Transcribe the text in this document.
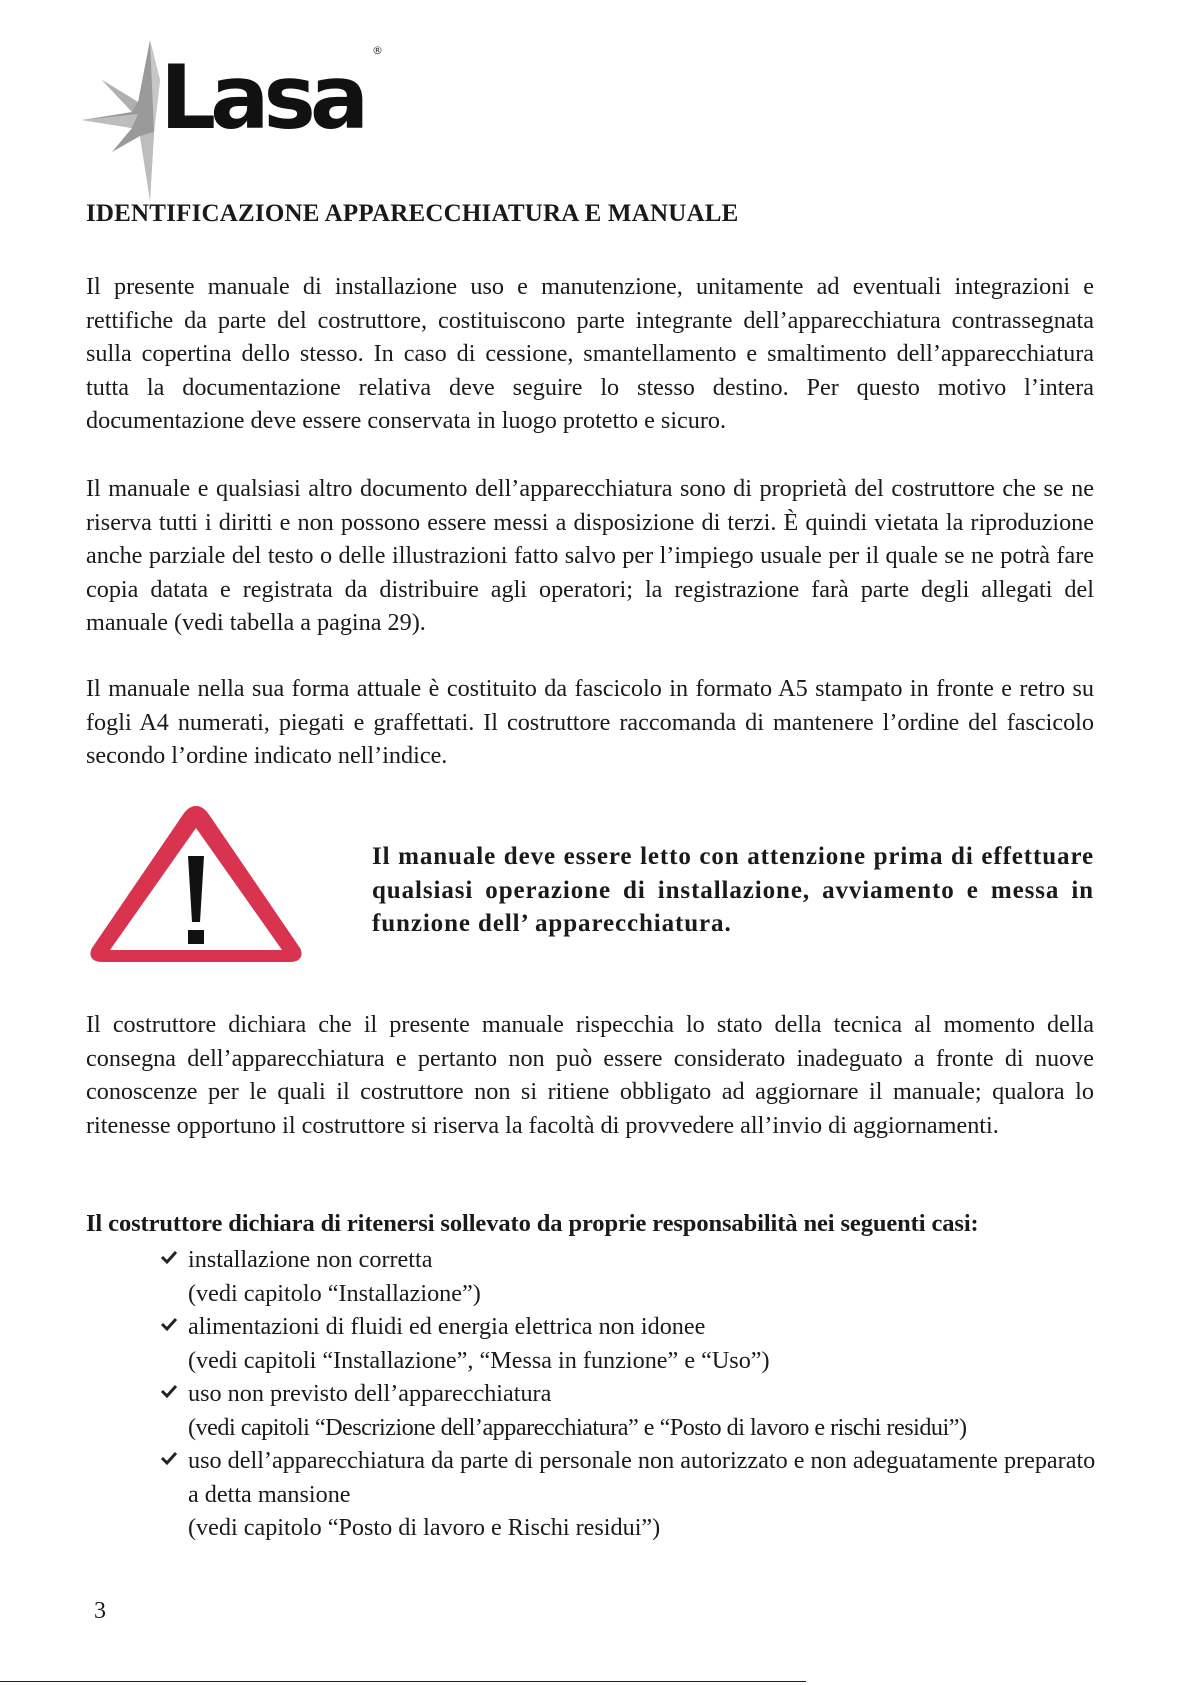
Lasa ®
IDENTIFICAZIONE APPARECCHIATURA E MANUALE
Il presente manuale di installazione uso e manutenzione, unitamente ad eventuali integrazioni e rettifiche da parte del costruttore, costituiscono parte integrante dell’apparecchiatura contrassegnata sulla copertina dello stesso. In caso di cessione, smantellamento e smaltimento dell’apparecchiatura tutta la documentazione relativa deve seguire lo stesso destino. Per questo motivo l’intera documentazione deve essere conservata in luogo protetto e sicuro.
Il manuale e qualsiasi altro documento dell’apparecchiatura sono di proprietà del costruttore che se ne riserva tutti i diritti e non possono essere messi a disposizione di terzi. È quindi vietata la riproduzione anche parziale del testo o delle illustrazioni fatto salvo per l’impiego usuale per il quale se ne potrà fare copia datata e registrata da distribuire agli operatori; la registrazione farà parte degli allegati del manuale (vedi tabella a pagina 29).
Il manuale nella sua forma attuale è costituito da fascicolo in formato A5 stampato in fronte e retro su fogli A4 numerati, piegati e graffettati. Il costruttore raccomanda di mantenere l’ordine del fascicolo secondo l’ordine indicato nell’indice.
Il manuale deve essere letto con attenzione prima di effettuare qualsiasi operazione di installazione, avviamento e messa in funzione dell’ apparecchiatura.
Il costruttore dichiara che il presente manuale rispecchia lo stato della tecnica al momento della consegna dell’apparecchiatura e pertanto non può essere considerato inadeguato a fronte di nuove conoscenze per le quali il costruttore non si ritiene obbligato ad aggiornare il manuale; qualora lo ritenesse opportuno il costruttore si riserva la facoltà di provvedere all’invio di aggiornamenti.
Il costruttore dichiara di ritenersi sollevato da proprie responsabilità nei seguenti casi:
installazione non corretta
(vedi capitolo “Installazione”)
alimentazioni di fluidi ed energia elettrica non idonee
(vedi capitoli “Installazione”, “Messa in funzione” e “Uso”)
uso non previsto dell’apparecchiatura
(vedi capitoli “Descrizione dell’apparecchiatura” e “Posto di lavoro e rischi residui”)
uso dell’apparecchiatura da parte di personale non autorizzato e non adeguatamente preparato a detta mansione
(vedi capitolo “Posto di lavoro e Rischi residui”)
3
